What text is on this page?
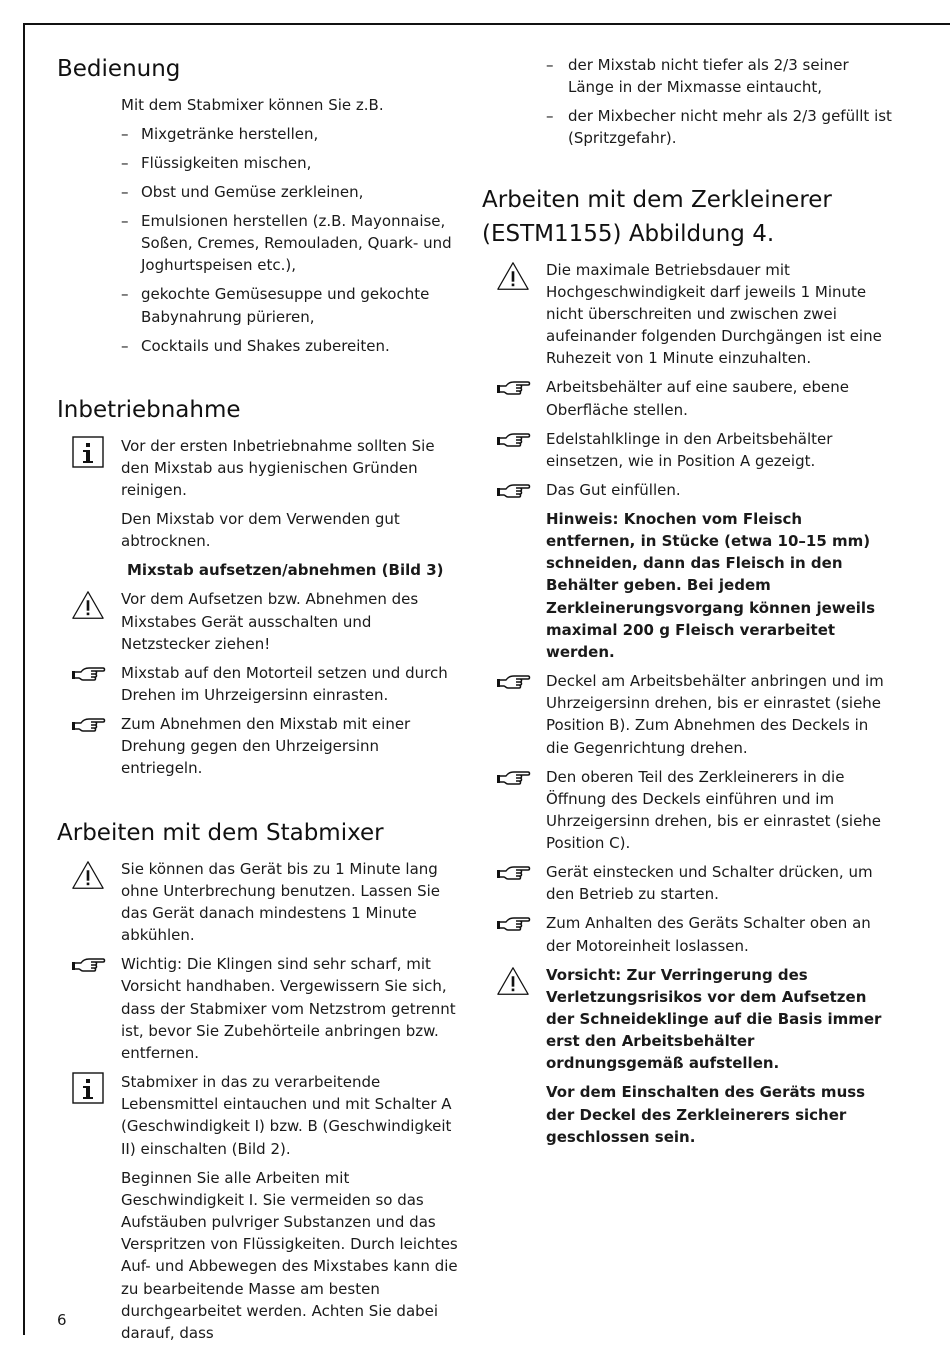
Bedienung
Mit dem Stabmixer können Sie z.B.
– Mixgetränke herstellen,
– Flüssigkeiten mischen,
– Obst und Gemüse zerkleinen,
– Emulsionen herstellen (z.B. Mayonnaise, Soßen, Cremes, Remouladen, Quark- und Joghurtspeisen etc.),
– gekochte Gemüsesuppe und gekochte Babynahrung pürieren,
– Cocktails und Shakes zubereiten.
Inbetriebnahme
Vor der ersten Inbetriebnahme sollten Sie den Mixstab aus hygienischen Gründen reinigen.
Den Mixstab vor dem Verwenden gut abtrocknen.
Mixstab aufsetzen/abnehmen (Bild 3)
Vor dem Aufsetzen bzw. Abnehmen des Mixstabes Gerät ausschalten und Netzstecker ziehen!
Mixstab auf den Motorteil setzen und durch Drehen im Uhrzeigersinn einrasten.
Zum Abnehmen den Mixstab mit einer Drehung gegen den Uhrzeigersinn entriegeln.
Arbeiten mit dem Stabmixer
Sie können das Gerät bis zu 1 Minute lang ohne Unterbrechung benutzen. Lassen Sie das Gerät danach mindestens 1 Minute abkühlen.
Wichtig: Die Klingen sind sehr scharf, mit Vorsicht handhaben. Vergewissern Sie sich, dass der Stabmixer vom Netzstrom getrennt ist, bevor Sie Zubehörteile anbringen bzw. entfernen.
Stabmixer in das zu verarbeitende Lebensmittel eintauchen und mit Schalter A (Geschwindigkeit I) bzw. B (Geschwindigkeit II) einschalten (Bild 2).
Beginnen Sie alle Arbeiten mit Geschwindigkeit I. Sie vermeiden so das Aufstäuben pulvriger Substanzen und das Verspritzen von Flüssigkeiten. Durch leichtes Auf- und Abbewegen des Mixstabes kann die zu bearbeitende Masse am besten durchgearbeitet werden. Achten Sie dabei darauf, dass
– der Mixstab nicht tiefer als 2/3 seiner Länge in der Mixmasse eintaucht,
– der Mixbecher nicht mehr als 2/3 gefüllt ist (Spritzgefahr).
Arbeiten mit dem Zerkleinerer (ESTM1155) Abbildung 4.
Die maximale Betriebsdauer mit Hochgeschwindigkeit darf jeweils 1 Minute nicht überschreiten und zwischen zwei aufeinander folgenden Durchgängen ist eine Ruhezeit von 1 Minute einzuhalten.
Arbeitsbehälter auf eine saubere, ebene Oberfläche stellen.
Edelstahlklinge in den Arbeitsbehälter einsetzen, wie in Position A gezeigt.
Das Gut einfüllen.
Hinweis: Knochen vom Fleisch entfernen, in Stücke (etwa 10–15 mm) schneiden, dann das Fleisch in den Behälter geben. Bei jedem Zerkleinerungsvorgang können jeweils maximal 200 g Fleisch verarbeitet werden.
Deckel am Arbeitsbehälter anbringen und im Uhrzeigersinn drehen, bis er einrastet (siehe Position B). Zum Abnehmen des Deckels in die Gegenrichtung drehen.
Den oberen Teil des Zerkleinerers in die Öffnung des Deckels einführen und im Uhrzeigersinn drehen, bis er einrastet (siehe Position C).
Gerät einstecken und Schalter drücken, um den Betrieb zu starten.
Zum Anhalten des Geräts Schalter oben an der Motoreinheit loslassen.
Vorsicht: Zur Verringerung des Verletzungsrisikos vor dem Aufsetzen der Schneideklinge auf die Basis immer erst den Arbeitsbehälter ordnungsgemäß aufstellen.
Vor dem Einschalten des Geräts muss der Deckel des Zerkleinerers sicher geschlossen sein.
6
